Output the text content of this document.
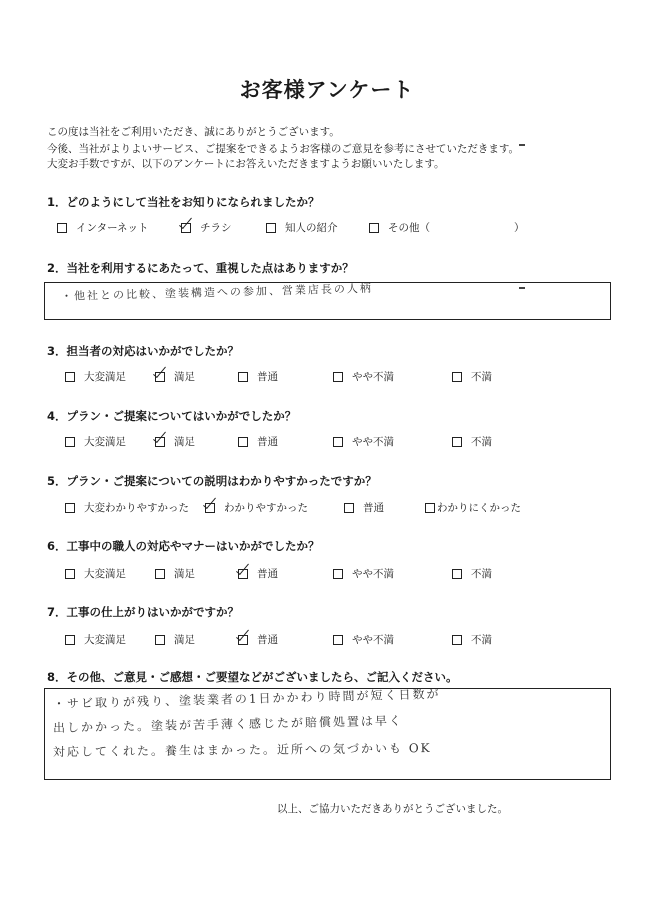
お客様アンケート
この度は当社をご利用いただき、誠にありがとうございます。
今後、当社がよりよいサービス、ご提案をできるようお客様のご意見を参考にさせていただきます。
大変お手数ですが、以下のアンケートにお答えいただきますようお願いいたします。
1．どのようにして当社をお知りになられましたか？
インターネット	チラシ	知人の紹介	その他（	）
2．当社を利用するにあたって、重視した点はありますか？
・他社との比較、塗装構造への参加、営業店長の人柄
3．担当者の対応はいかがでしたか？
大変満足	満足	普通	やや不満	不満
4．プラン・ご提案についてはいかがでしたか？
大変満足	満足	普通	やや不満	不満
5．プラン・ご提案についての説明はわかりやすかったですか？
大変わかりやすかった	わかりやすかった	普通	わかりにくかった
6．工事中の職人の対応やマナーはいかがでしたか？
大変満足	満足	普通	やや不満	不満
7．工事の仕上がりはいかがですか？
大変満足	満足	普通	やや不満	不満
8．その他、ご意見・ご感想・ご要望などがございましたら、ご記入ください。
・サビ取りが残り、塗装業者の1日かかわり時間が短く日数が
出しかかった。塗装が苦手薄く感じたが賠償処置は早く
対応してくれた。養生はまかった。近所への気づかいも OK
以上、ご協力いただきありがとうございました。
